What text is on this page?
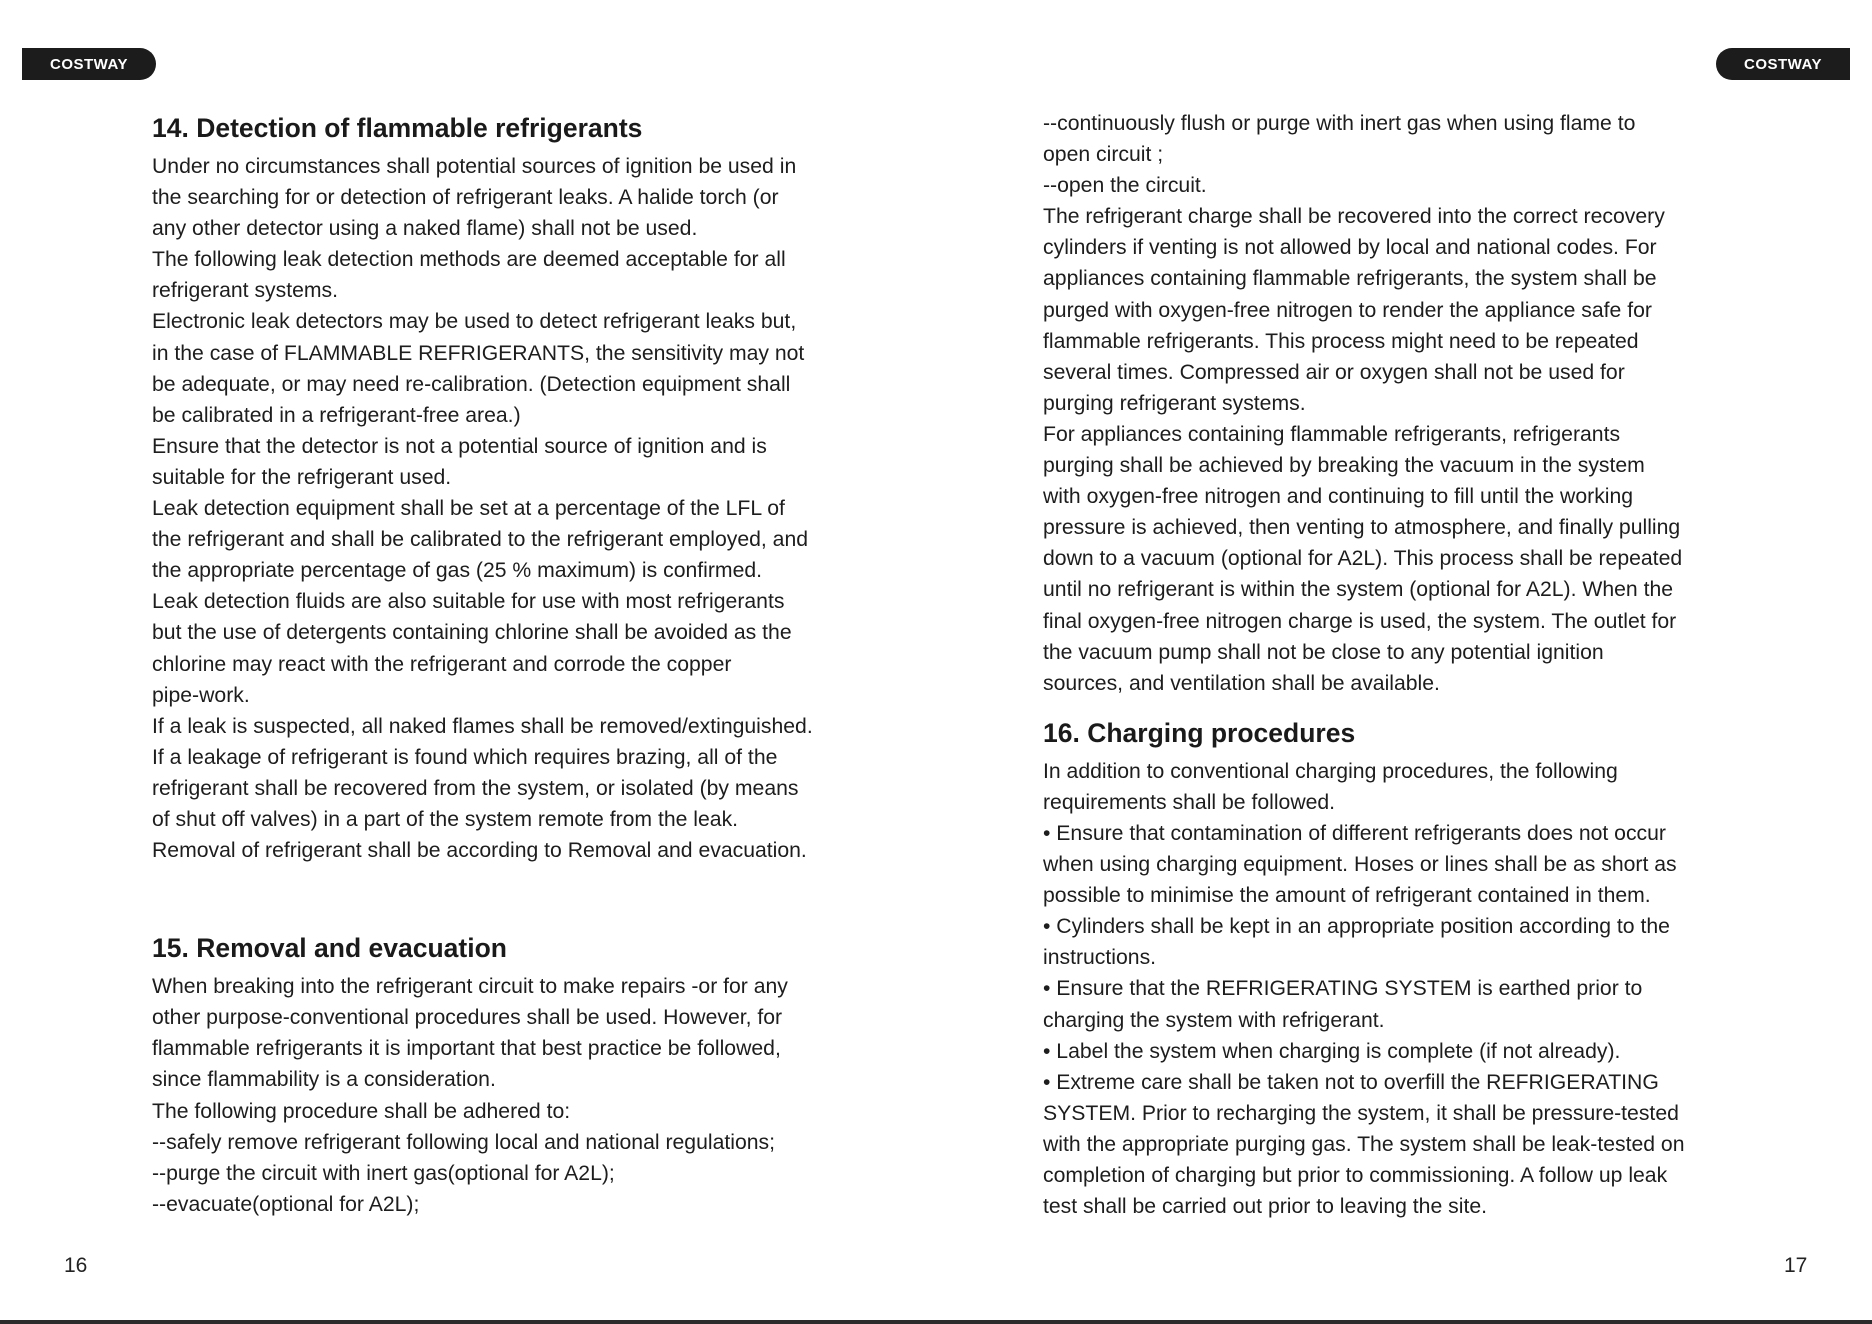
COSTWAY	COSTWAY
14. Detection of flammable refrigerants
Under no circumstances shall potential sources of ignition be used in
the searching for or detection of refrigerant leaks. A halide torch (or
any other detector using a naked flame) shall not be used.
The following leak detection methods are deemed acceptable for all
refrigerant systems.
Electronic leak detectors may be used to detect refrigerant leaks but,
in the case of FLAMMABLE REFRIGERANTS, the sensitivity may not
be adequate, or may need re-calibration. (Detection equipment shall
be calibrated in a refrigerant-free area.)
Ensure that the detector is not a potential source of ignition and is
suitable for the refrigerant used.
Leak detection equipment shall be set at a percentage of the LFL of
the refrigerant and shall be calibrated to the refrigerant employed, and
the appropriate percentage of gas (25 % maximum) is confirmed.
Leak detection fluids are also suitable for use with most refrigerants
but the use of detergents containing chlorine shall be avoided as the
chlorine may react with the refrigerant and corrode the copper
pipe-work.
If a leak is suspected, all naked flames shall be removed/extinguished.
If a leakage of refrigerant is found which requires brazing, all of the
refrigerant shall be recovered from the system, or isolated (by means
of shut off valves) in a part of the system remote from the leak.
Removal of refrigerant shall be according to Removal and evacuation.
15. Removal and evacuation
When breaking into the refrigerant circuit to make repairs -or for any
other purpose-conventional procedures shall be used. However, for
flammable refrigerants it is important that best practice be followed,
since flammability is a consideration.
The following procedure shall be adhered to:
--safely remove refrigerant following local and national regulations;
--purge the circuit with inert gas(optional for A2L);
--evacuate(optional for A2L);
--continuously flush or purge with inert gas when using flame to
open circuit ;
--open the circuit.
The refrigerant charge shall be recovered into the correct recovery
cylinders if venting is not allowed by local and national codes. For
appliances containing flammable refrigerants, the system shall be
purged with oxygen-free nitrogen to render the appliance safe for
flammable refrigerants. This process might need to be repeated
several times. Compressed air or oxygen shall not be used for
purging refrigerant systems.
For appliances containing flammable refrigerants, refrigerants
purging shall be achieved by breaking the vacuum in the system
with oxygen-free nitrogen and continuing to fill until the working
pressure is achieved, then venting to atmosphere, and finally pulling
down to a vacuum (optional for A2L). This process shall be repeated
until no refrigerant is within the system (optional for A2L). When the
final oxygen-free nitrogen charge is used, the system. The outlet for
the vacuum pump shall not be close to any potential ignition
sources, and ventilation shall be available.
16. Charging procedures
In addition to conventional charging procedures, the following
requirements shall be followed.
• Ensure that contamination of different refrigerants does not occur
when using charging equipment. Hoses or lines shall be as short as
possible to minimise the amount of refrigerant contained in them.
• Cylinders shall be kept in an appropriate position according to the
instructions.
• Ensure that the REFRIGERATING SYSTEM is earthed prior to
charging the system with refrigerant.
• Label the system when charging is complete (if not already).
• Extreme care shall be taken not to overfill the REFRIGERATING
SYSTEM. Prior to recharging the system, it shall be pressure-tested
with the appropriate purging gas. The system shall be leak-tested on
completion of charging but prior to commissioning. A follow up leak
test shall be carried out prior to leaving the site.
16	17
